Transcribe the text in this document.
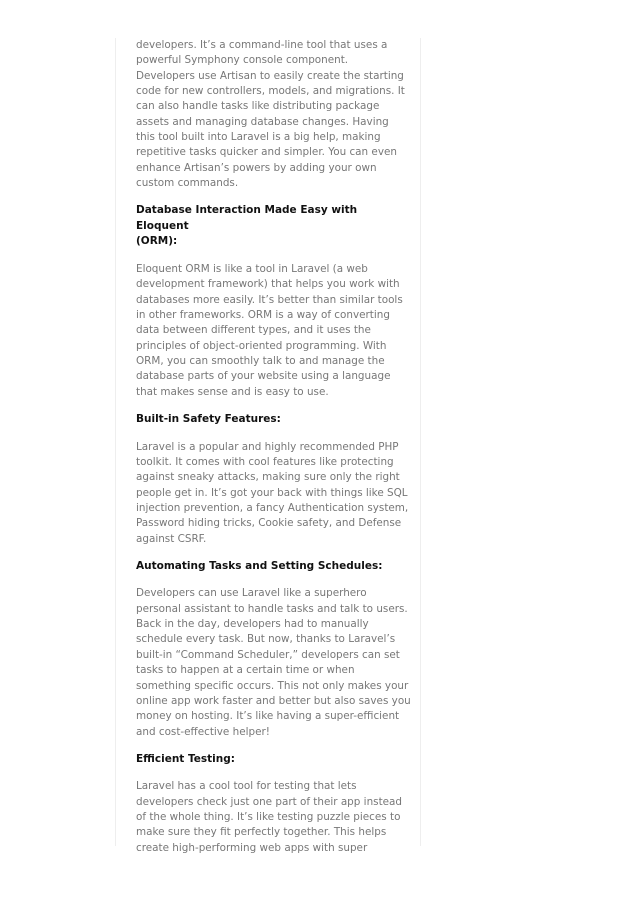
developers. It’s a command-line tool that uses a
powerful Symphony console component.
Developers use Artisan to easily create the starting
code for new controllers, models, and migrations. It
can also handle tasks like distributing package
assets and managing database changes. Having
this tool built into Laravel is a big help, making
repetitive tasks quicker and simpler. You can even
enhance Artisan’s powers by adding your own
custom commands.

Database Interaction Made Easy with Eloquent
(ORM):

Eloquent ORM is like a tool in Laravel (a web
development framework) that helps you work with
databases more easily. It’s better than similar tools
in other frameworks. ORM is a way of converting
data between different types, and it uses the
principles of object-oriented programming. With
ORM, you can smoothly talk to and manage the
database parts of your website using a language
that makes sense and is easy to use.

Built-in Safety Features:

Laravel is a popular and highly recommended PHP
toolkit. It comes with cool features like protecting
against sneaky attacks, making sure only the right
people get in. It’s got your back with things like SQL
injection prevention, a fancy Authentication system,
Password hiding tricks, Cookie safety, and Defense
against CSRF.

Automating Tasks and Setting Schedules:

Developers can use Laravel like a superhero
personal assistant to handle tasks and talk to users.
Back in the day, developers had to manually
schedule every task. But now, thanks to Laravel’s
built-in “Command Scheduler,” developers can set
tasks to happen at a certain time or when
something specific occurs. This not only makes your
online app work faster and better but also saves you
money on hosting. It’s like having a super-efficient
and cost-effective helper!

Efficient Testing:

Laravel has a cool tool for testing that lets
developers check just one part of their app instead
of the whole thing. It’s like testing puzzle pieces to
make sure they fit perfectly together. This helps
create high-performing web apps with super
